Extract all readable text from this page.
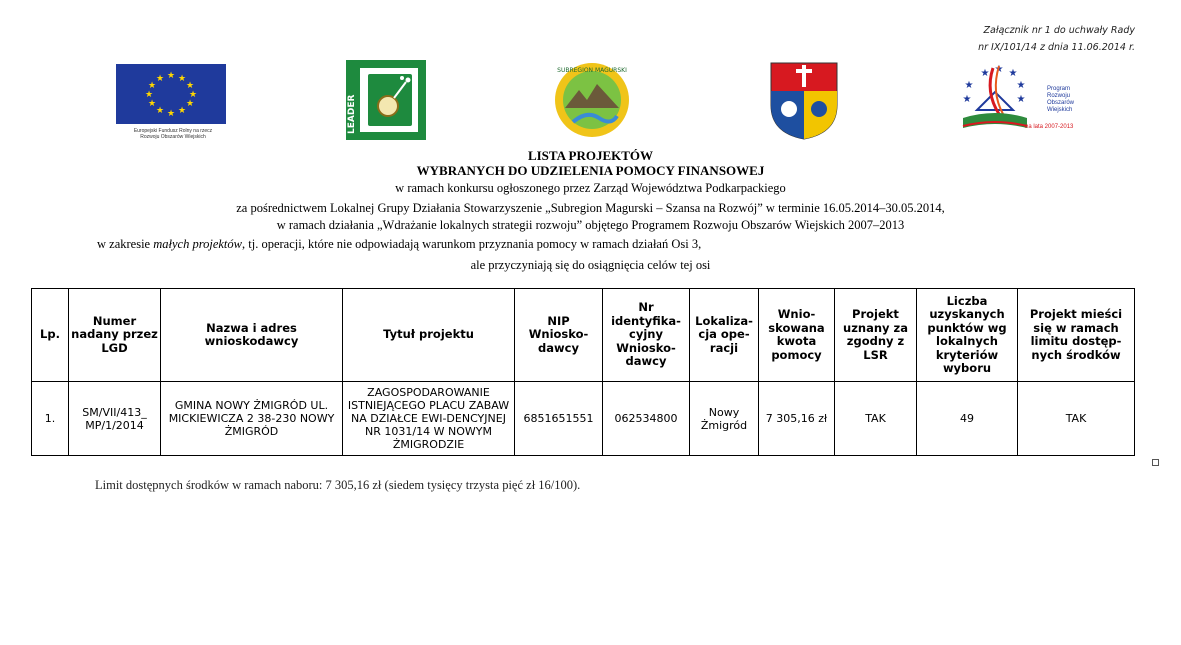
Załącznik nr 1 do uchwały Rady
nr IX/101/14 z dnia 11.06.2014 r.
★ ★
★
★
★
★
★
★
★
★
★
★
Europejski Fundusz Rolny na rzecz
Rozwoju Obszarów Wiejskich
LEADER
SUBREGION MAGURSKI	★ ★ ★
★
★
★
★
Program
Rozwoju
Obszarów
Wiejskich
na lata 2007-2013
LISTA PROJEKTÓW
WYBRANYCH DO UDZIELENIA POMOCY FINANSOWEJ
w ramach konkursu ogłoszonego przez Zarząd Województwa Podkarpackiego
za pośrednictwem Lokalnej Grupy Działania Stowarzyszenie „Subregion Magurski – Szansa na Rozwój” w terminie 16.05.2014–30.05.2014,
w ramach działania „Wdrażanie lokalnych strategii rozwoju” objętego Programem Rozwoju Obszarów Wiejskich 2007–2013
w zakresie małych projektów, tj. operacji, które nie odpowiadają warunkom przyznania pomocy w ramach działań Osi 3,
ale przyczyniają się do osiągnięcia celów tej osi
Lp.	Numer nadany przez LGD	Nazwa i adres wnioskodawcy	Tytuł projektu	NIP Wniosko-dawcy	Nr identyfika-cyjny Wniosko-dawcy	Lokaliza-cja ope-racji	Wnio-skowana kwota pomocy	Projekt uznany za zgodny z LSR	Liczba uzyskanych punktów wg lokalnych kryteriów wyboru	Projekt mieści się w ramach limitu dostęp-nych środków
1.	SM/VII/413_ MP/1/2014	GMINA NOWY ŻMIGRÓD UL. MICKIEWICZA 2 38-230 NOWY ŻMIGRÓD	ZAGOSPODAROWANIE ISTNIEJĄCEGO PLACU ZABAW NA DZIAŁCE EWI-DENCYJNEJ NR 1031/14 W NOWYM ŻMIGRODZIE	6851651551	062534800	Nowy Żmigród	7 305,16 zł	TAK	49	TAK
Limit dostępnych środków w ramach naboru: 7 305,16 zł (siedem tysięcy trzysta pięć zł 16/100).
